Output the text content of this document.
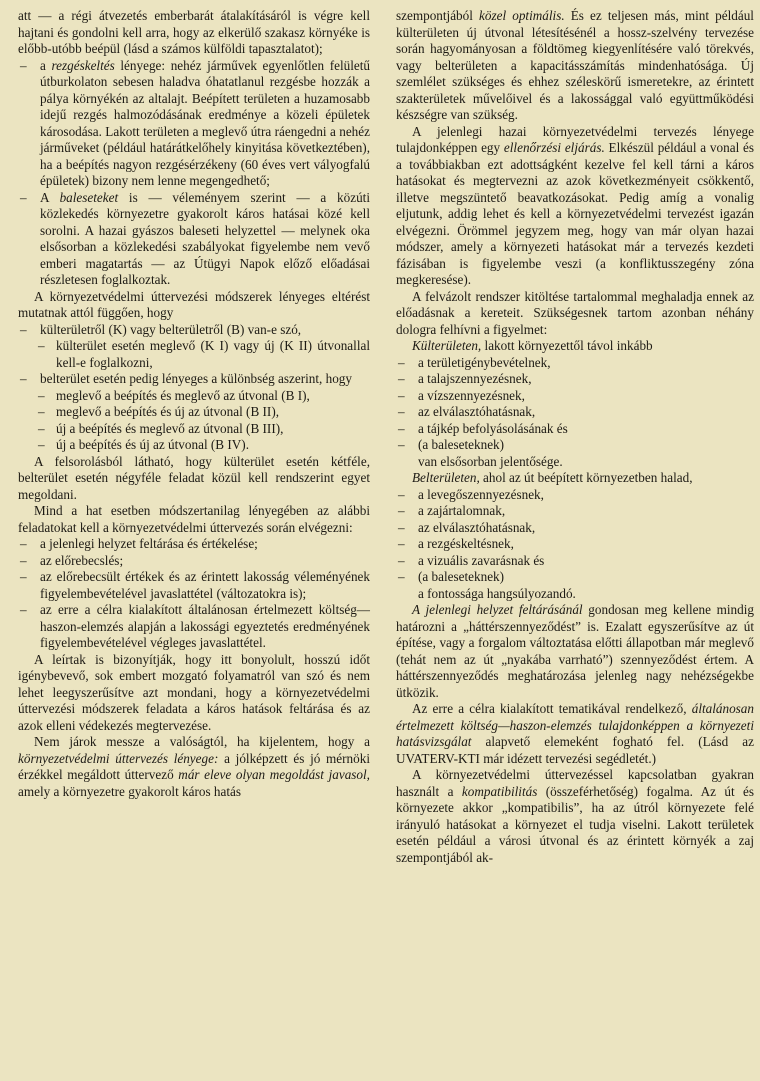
att — a régi átvezetés emberbarát átalakításáról is végre kell hajtani és gondolni kell arra, hogy az elkerülő szakasz környéke is előbb-utóbb beépül (lásd a számos külföldi tapasztalatot);

– a rezgéskeltés lényege: nehéz járművek egyenlőtlen felületű útburkolaton sebesen haladva óhatatlanul rezgésbe hozzák a pálya környékén az altalajt. Beépített területen a huzamosabb idejű rezgés halmozódásának eredménye a közeli épületek károsodása. Lakott területen a meglevő útra ráengedni a nehéz járműveket (például határátkelőhely kinyitása következtében), ha a beépítés nagyon rezgésérzékeny (60 éves vert vályogfalú épületek) bizony nem lenne megengedhető;

– A baleseteket is — véleményem szerint — a közúti közlekedés környezetre gyakorolt káros hatásai közé kell sorolni. A hazai gyászos baleseti helyzettel — melynek oka elsősorban a közlekedési szabályokat figyelembe nem vevő emberi magatartás — az Útügyi Napok előző előadásai részletesen foglalkoztak.

A környezetvédelmi úttervezési módszerek lényeges eltérést mutatnak attól függően, hogy

– külterületről (K) vagy belterületről (B) van-e szó,

– külterület esetén meglevő (K I) vagy új (K II) útvonallal kell-e foglalkozni,

– belterület esetén pedig lényeges a különbség aszerint, hogy

– meglevő a beépítés és meglevő az útvonal (B I),

– meglevő a beépítés és új az útvonal (B II),

– új a beépítés és meglevő az útvonal (B III),

– új a beépítés és új az útvonal (B IV).

A felsorolásból látható, hogy külterület esetén kétféle, belterület esetén négyféle feladat közül kell rendszerint egyet megoldani.

Mind a hat esetben módszertanilag lényegében az alábbi feladatokat kell a környezetvédelmi úttervezés során elvégezni:

– a jelenlegi helyzet feltárása és értékelése;

– az előrebecslés;

– az előrebecsült értékek és az érintett lakosság véleményének figyelembevételével javaslattétel (változatokra is);

– az erre a célra kialakított általánosan értelmezett költség—haszon-elemzés alapján a lakossági egyeztetés eredményének figyelembevételével végleges javaslattétel.

A leírtak is bizonyítják, hogy itt bonyolult, hosszú időt igénybevevő, sok embert mozgató folyamatról van szó és nem lehet leegyszerűsítve azt mondani, hogy a környezetvédelmi úttervezési módszerek feladata a káros hatások feltárása és az azok elleni védekezés megtervezése.

Nem járok messze a valóságtól, ha kijelentem, hogy a környezetvédelmi úttervezés lényege: a jólképzett és jó mérnöki érzékkel megáldott úttervező már eleve olyan megoldást javasol, amely a környezetre gyakorolt káros hatás

szempontjából közel optimális. És ez teljesen más, mint például külterületen új útvonal létesítésénél a hossz-szelvény tervezése során hagyományosan a földtömeg kiegyenlítésére való törekvés, vagy belterületen a kapacitásszámítás mindenhatósága. Új szemlélet szükséges és ehhez széleskörű ismeretekre, az érintett szakterületek művelőivel és a lakossággal való együttműködési készségre van szükség.

A jelenlegi hazai környezetvédelmi tervezés lényege tulajdonképpen egy ellenőrzési eljárás. Elkészül például a vonal és a továbbiakban ezt adottságként kezelve fel kell tárni a káros hatásokat és megtervezni az azok következményeit csökkentő, illetve megszüntető beavatkozásokat. Pedig amíg a vonalig eljutunk, addig lehet és kell a környezetvédelmi tervezést igazán elvégezni. Örömmel jegyzem meg, hogy van már olyan hazai módszer, amely a környezeti hatásokat már a tervezés kezdeti fázisában is figyelembe veszi (a konfliktusszegény zóna megkeresése).

A felvázolt rendszer kitöltése tartalommal meghaladja ennek az előadásnak a kereteit. Szükségesnek tartom azonban néhány dologra felhívni a figyelmet:

Külterületen, lakott környezettől távol inkább

– a területigénybevételnek,

– a talajszennyezésnek,

– a vízszennyezésnek,

– az elválasztóhatásnak,

– a tájkép befolyásolásának és

– (a baleseteknek)

van elsősorban jelentősége.

Belterületen, ahol az út beépített környezetben halad,

– a levegőszennyezésnek,

– a zajártalomnak,

– az elválasztóhatásnak,

– a rezgéskeltésnek,

– a vizuális zavarásnak és

– (a baleseteknek)

a fontossága hangsúlyozandó.

A jelenlegi helyzet feltárásánál gondosan meg kellene mindig határozni a „háttérszennyeződést” is. Ezalatt egyszerűsítve az út építése, vagy a forgalom változtatása előtti állapotban már meglevő (tehát nem az út „nyakába varrható”) szennyeződést értem. A háttérszennyeződés meghatározása jelenleg nagy nehézségekbe ütközik.

Az erre a célra kialakított tematikával rendelkező, általánosan értelmezett költség—haszon-elemzés tulajdonképpen a környezeti hatásvizsgálat alapvető elemeként fogható fel. (Lásd az UVATERV-KTI már idézett tervezési segédletét.)

A környezetvédelmi úttervezéssel kapcsolatban gyakran használt a kompatibilitás (összeférhetőség) fogalma. Az út és környezete akkor „kompatibilis”, ha az útról környezete felé irányuló hatásokat a környezet el tudja viselni. Lakott területek esetén például a városi útvonal és az érintett környék a zaj szempontjából ak-
